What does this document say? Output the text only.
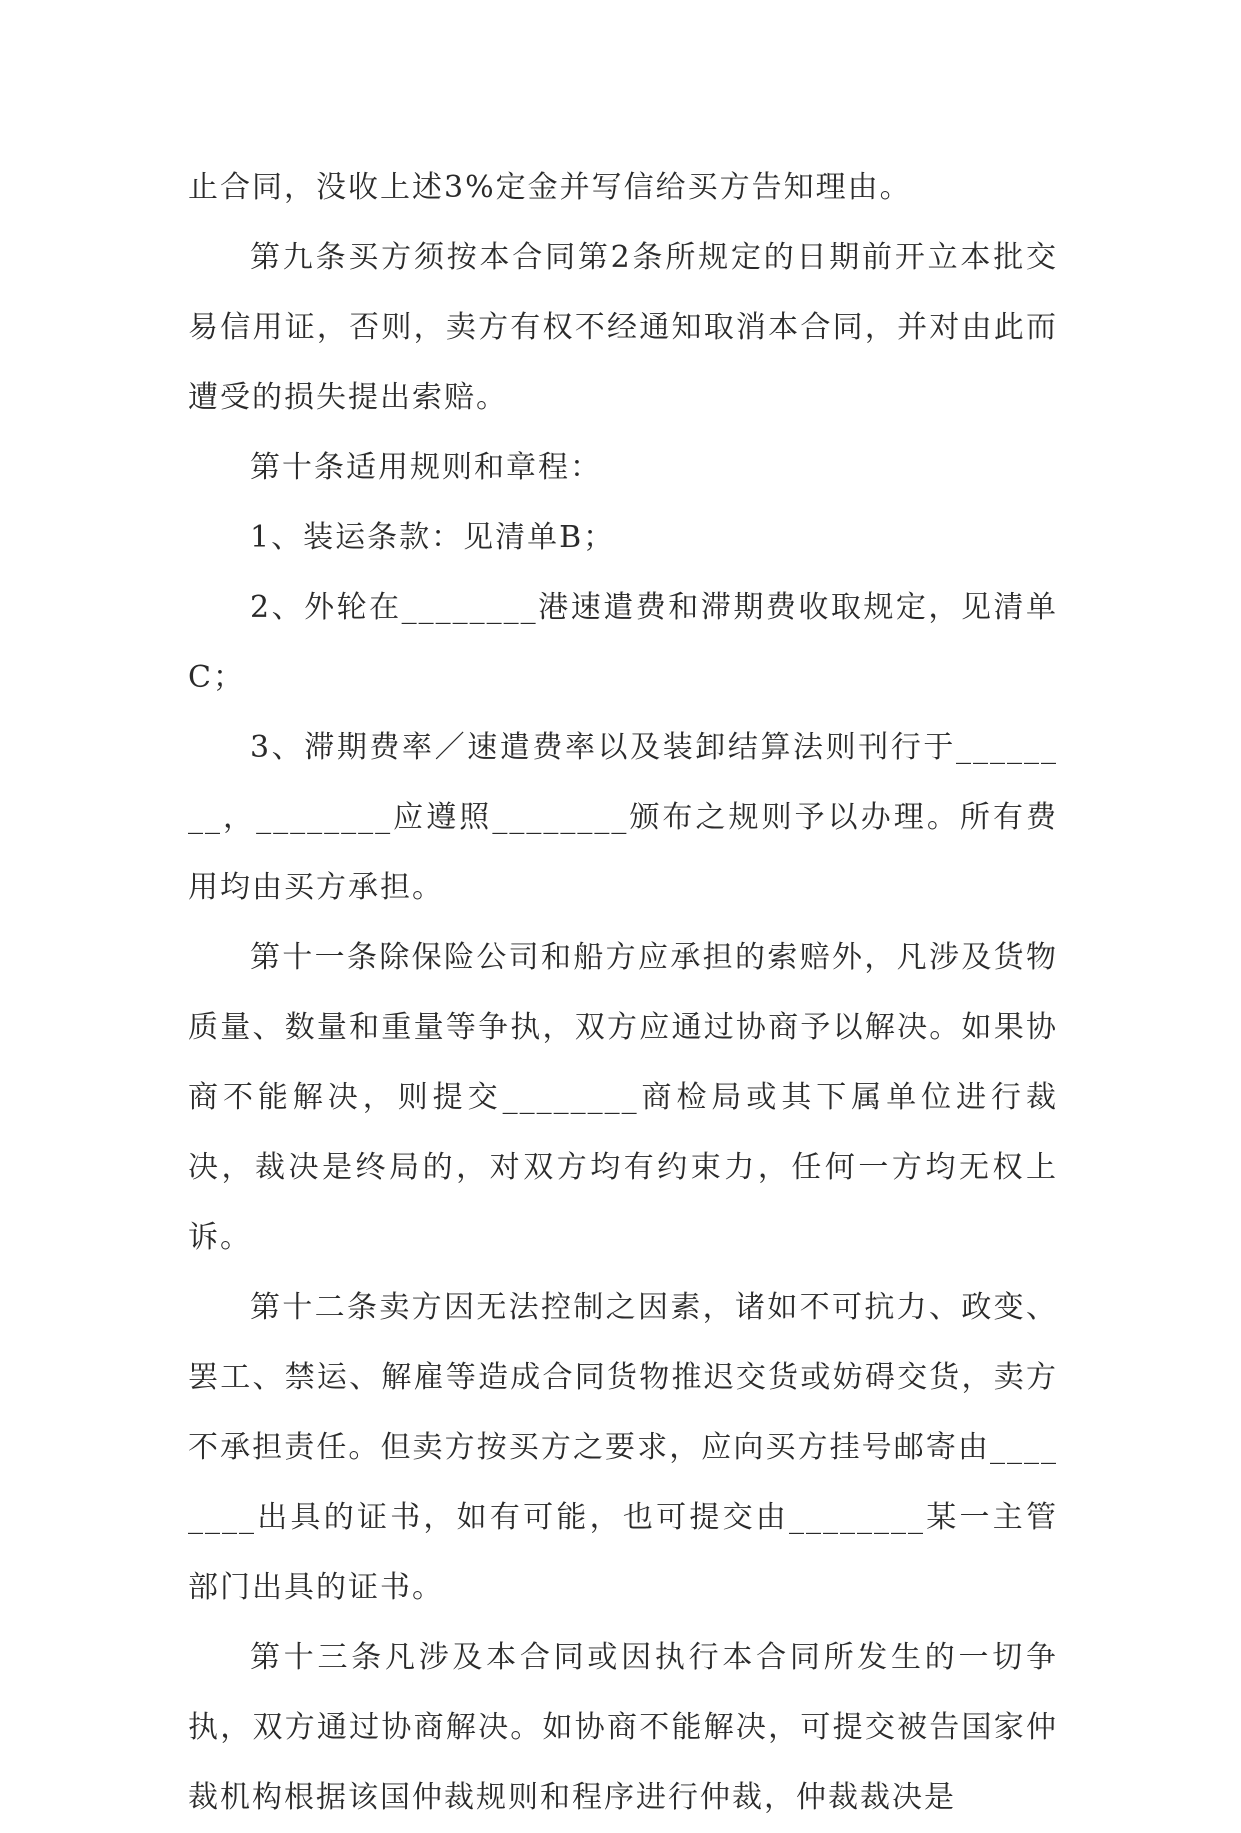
止合同，没收上述3%定金并写信给买方告知理由。

第九条买方须按本合同第2条所规定的日期前开立本批交易信用证，否则，卖方有权不经通知取消本合同，并对由此而遭受的损失提出索赔。

第十条适用规则和章程：

1、装运条款：见清单B；

2、外轮在________港速遣费和滞期费收取规定，见清单C；

3、滞期费率／速遣费率以及装卸结算法则刊行于________，________应遵照________颁布之规则予以办理。所有费用均由买方承担。

第十一条除保险公司和船方应承担的索赔外，凡涉及货物质量、数量和重量等争执，双方应通过协商予以解决。如果协商不能解决，则提交________商检局或其下属单位进行裁决，裁决是终局的，对双方均有约束力，任何一方均无权上诉。

第十二条卖方因无法控制之因素，诸如不可抗力、政变、罢工、禁运、解雇等造成合同货物推迟交货或妨碍交货，卖方不承担责任。但卖方按买方之要求，应向买方挂号邮寄由________出具的证书，如有可能，也可提交由________某一主管部门出具的证书。

第十三条凡涉及本合同或因执行本合同所发生的一切争执，双方通过协商解决。如协商不能解决，可提交被告国家仲裁机构根据该国仲裁规则和程序进行仲裁，仲裁裁决是
